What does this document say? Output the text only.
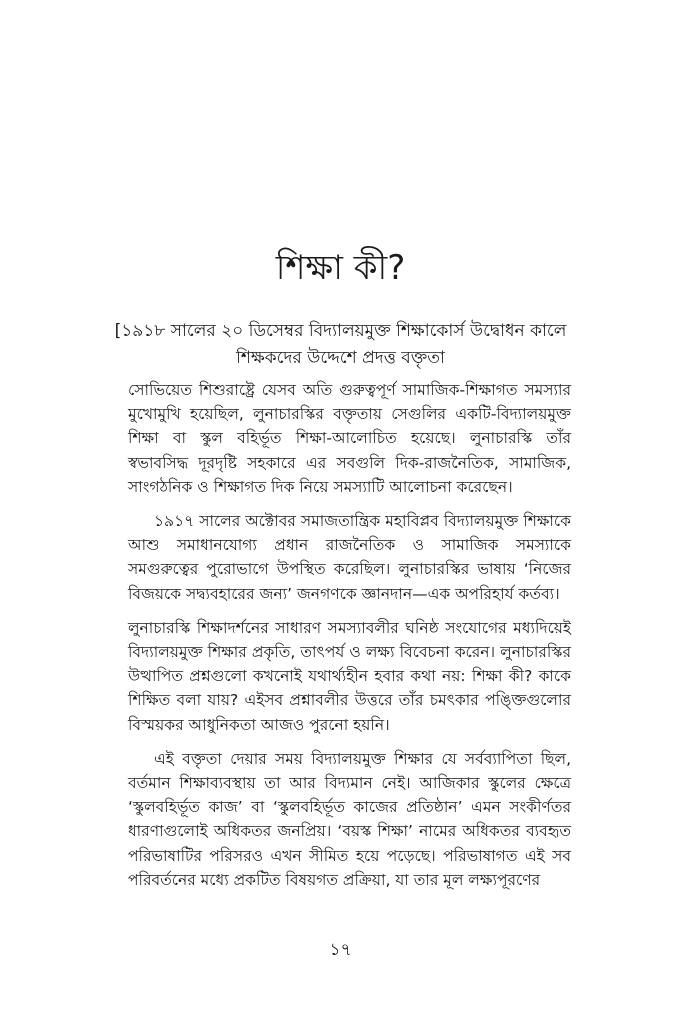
শিক্ষা কী?
[১৯১৮ সালের ২০ ডিসেম্বর বিদ্যালয়মুক্ত শিক্ষাকোর্স উদ্বোধন কালে
শিক্ষকদের উদ্দেশে প্রদত্ত বক্তৃতা

সোভিয়েত শিশুরাষ্ট্রে যেসব অতি গুরুত্বপূর্ণ সামাজিক-শিক্ষাগত সমস্যার মুখোমুখি হয়েছিল, লুনাচারস্কির বক্তৃতায় সেগুলির একটি-বিদ্যালয়মুক্ত শিক্ষা বা স্কুল বহির্ভূত শিক্ষা-আলোচিত হয়েছে। লুনাচারস্কি তাঁর স্বভাবসিদ্ধ দূরদৃষ্টি সহকারে এর সবগুলি দিক-রাজনৈতিক, সামাজিক, সাংগঠনিক ও শিক্ষাগত দিক নিয়ে সমস্যাটি আলোচনা করেছেন।

১৯১৭ সালের অক্টোবর সমাজতান্ত্রিক মহাবিপ্লব বিদ্যালয়মুক্ত শিক্ষাকে আশু সমাধানযোগ্য প্রধান রাজনৈতিক ও সামাজিক সমস্যাকে সমগুরুত্বের পুরোভাগে উপস্থিত করেছিল। লুনাচারস্কির ভাষায় ‘নিজের বিজয়কে সদ্ব্যবহারের জন্য’ জনগণকে জ্ঞানদান—এক অপরিহার্য কর্তব্য।

লুনাচারস্কি শিক্ষাদর্শনের সাধারণ সমস্যাবলীর ঘনিষ্ঠ সংযোগের মধ্যদিয়েই বিদ্যালয়মুক্ত শিক্ষার প্রকৃতি, তাৎপর্য ও লক্ষ্য বিবেচনা করেন। লুনাচারস্কির উত্থাপিত প্রশ্নগুলো কখনোই যথার্থ্যহীন হবার কথা নয়: শিক্ষা কী? কাকে শিক্ষিত বলা যায়? এইসব প্রশ্নাবলীর উত্তরে তাঁর চমৎকার পঙ্ক্তিগুলোর বিস্ময়কর আধুনিকতা আজও পুরনো হয়নি।

এই বক্তৃতা দেয়ার সময় বিদ্যালয়মুক্ত শিক্ষার যে সর্বব্যাপিতা ছিল, বর্তমান শিক্ষাব্যবস্থায় তা আর বিদ্যমান নেই। আজিকার স্কুলের ক্ষেত্রে ‘স্কুলবহির্ভূত কাজ’ বা ‘স্কুলবহির্ভূত কাজের প্রতিষ্ঠান’ এমন সংকীর্ণতর ধারণাগুলোই অধিকতর জনপ্রিয়। ‘বয়স্ক শিক্ষা’ নামের অধিকতর ব্যবহৃত পরিভাষাটির পরিসরও এখন সীমিত হয়ে পড়েছে। পরিভাষাগত এই সব পরিবর্তনের মধ্যে প্রকটিত বিষয়গত প্রক্রিয়া, যা তার মূল লক্ষ্যপূরণের

১৭
